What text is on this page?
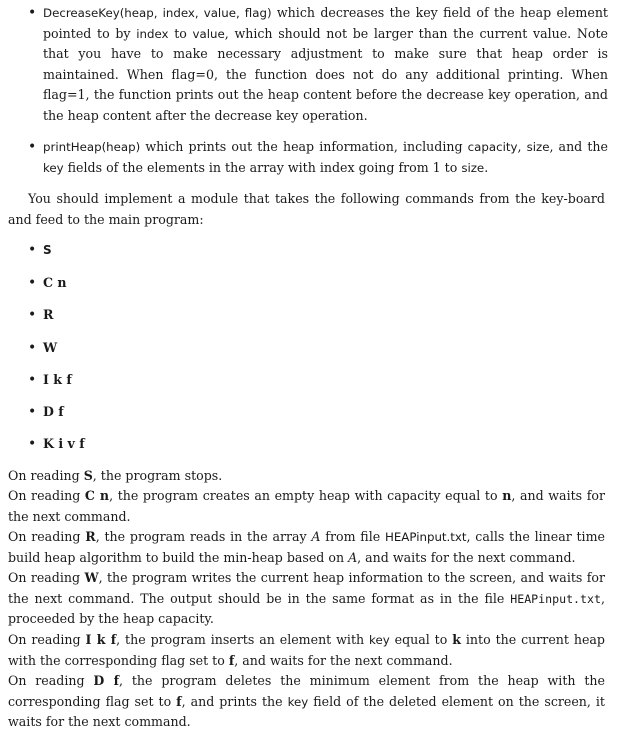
• DecreaseKey(heap, index, value, flag) which decreases the key field of the heap element pointed to by index to value, which should not be larger than the current value. Note that you have to make necessary adjustment to make sure that heap order is maintained. When flag=0, the function does not do any additional printing. When flag=1, the function prints out the heap content before the decrease key operation, and the heap content after the decrease key operation.
• printHeap(heap) which prints out the heap information, including capacity, size, and the key fields of the elements in the array with index going from 1 to size.
You should implement a module that takes the following commands from the key-board and feed to the main program:
• S
• C n
• R
• W
• I k f
• D f
• K i v f
On reading S, the program stops.
On reading C n, the program creates an empty heap with capacity equal to n, and waits for the next command.
On reading R, the program reads in the array A from file HEAPinput.txt, calls the linear time build heap algorithm to build the min-heap based on A, and waits for the next command.
On reading W, the program writes the current heap information to the screen, and waits for the next command. The output should be in the same format as in the file HEAPinput.txt, proceeded by the heap capacity.
On reading I k f, the program inserts an element with key equal to k into the current heap with the corresponding flag set to f, and waits for the next command.
On reading D f, the program deletes the minimum element from the heap with the corresponding flag set to f, and prints the key field of the deleted element on the screen, it waits for the next command.
